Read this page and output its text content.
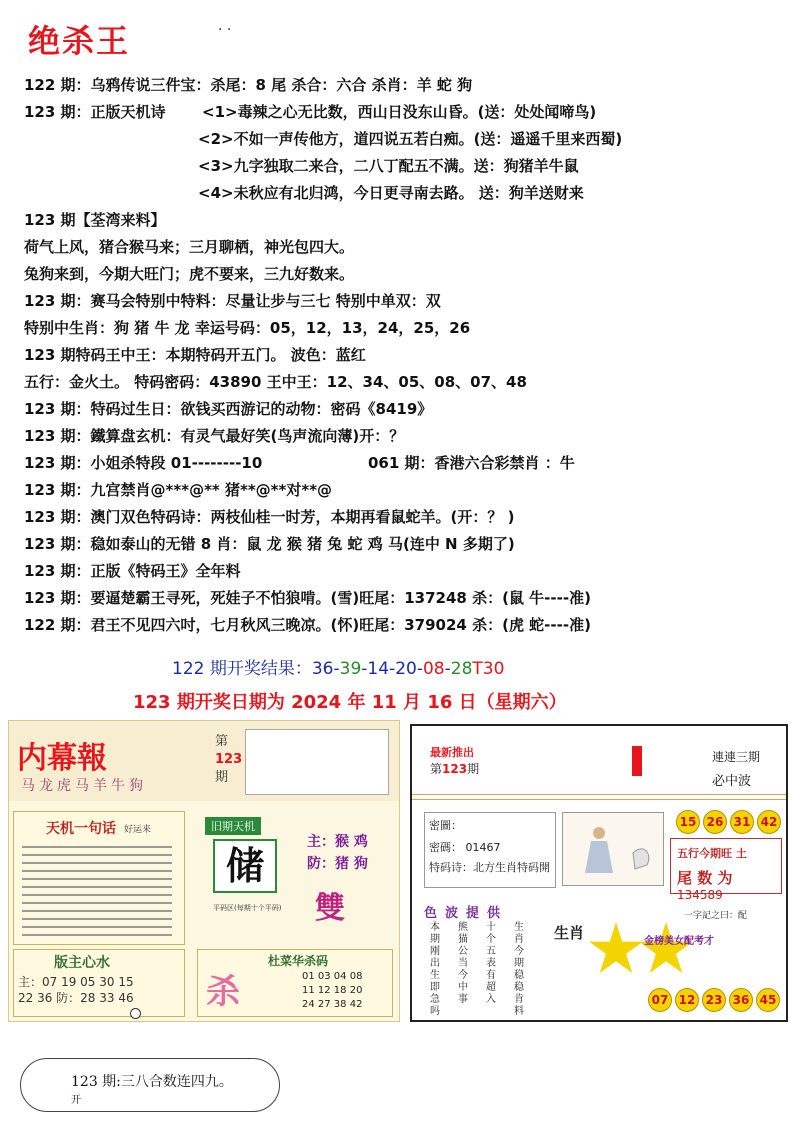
绝杀王	· ·
122 期：乌鸦传说三件宝：杀尾：8 尾 杀合：六合 杀肖：羊 蛇 狗
123 期：正版天机诗 <1>毒辣之心无比数，西山日没东山昏。(送：处处闻啼鸟)
<2>不如一声传他方，道四说五若白痴。(送：遥遥千里来西蜀)
<3>九字独取二来合，二八丁配五不满。送：狗猪羊牛鼠
<4>未秋应有北归鸿，今日更寻南去路。 送：狗羊送财来
123 期【荃湾来料】
荷气上风，猪合猴马来；三月聊栖，神光包四大。
兔狗来到，今期大旺门；虎不要来，三九好数来。
123 期：赛马会特别中特料：尽量让步与三七 特别中单双：双
特别中生肖：狗 猪 牛 龙 幸运号码：05，12，13，24，25，26
123 期特码王中王：本期特码开五门。 波色：蓝红
五行：金火土。 特码密码：43890 王中王：12、34、05、08、07、48
123 期：特码过生日：欲钱买西游记的动物：密码《8419》
123 期：鐵算盘玄机：有灵气最好笑(鸟声流向薄)开：？
123 期：小姐杀特段 01--------10	061 期：香港六合彩禁肖 ：牛
123 期：九宫禁肖@***@** 猪**@**对**@
123 期：澳门双色特码诗：两枝仙桂一时芳，本期再看鼠蛇羊。(开：？ )
123 期：稳如泰山的无错 8 肖：鼠 龙 猴 猪 兔 蛇 鸡 马(连中 N 多期了)
123 期：正版《特码王》全年料
123 期：要逼楚霸王寻死，死娃子不怕狼啃。(雪)旺尾：137248 杀：(鼠 牛----准)
122 期：君王不见四六吋，七月秋风三晚凉。(怀)旺尾：379024 杀：(虎 蛇----准)
122 期开奖结果：36-39-14-20-08-28T30
123 期开奖日期为 2024 年 11 月 16 日（星期六）
内幕報	第
123
期
马龙虎马羊牛狗
天机一句话 好运来
版主心水
主：07 19 05 30 15
22 36 防：28 33 46
旧期天机
储
平码区(每期十个平码)
主：猴 鸡
防：猪 狗
雙
杀
杜菜华杀码
01 03 04 08
11 12 18 20
24 27 38 42
最新推出
第123期
連連三期
必中波
15 26 31 42
密圖：
密碼： 01467
特码诗：北方生肖特码開
五行今期旺 土
尾 数 为 134589
色波提供
本期刚出生即急吗
熊猫公当今中事
十个五表有超入
生肖今期稳稳肯料
生肖
一字記之曰：配
金榜美女配考才
07 12 23 36 45
123 期:三八合数连四九。
开
